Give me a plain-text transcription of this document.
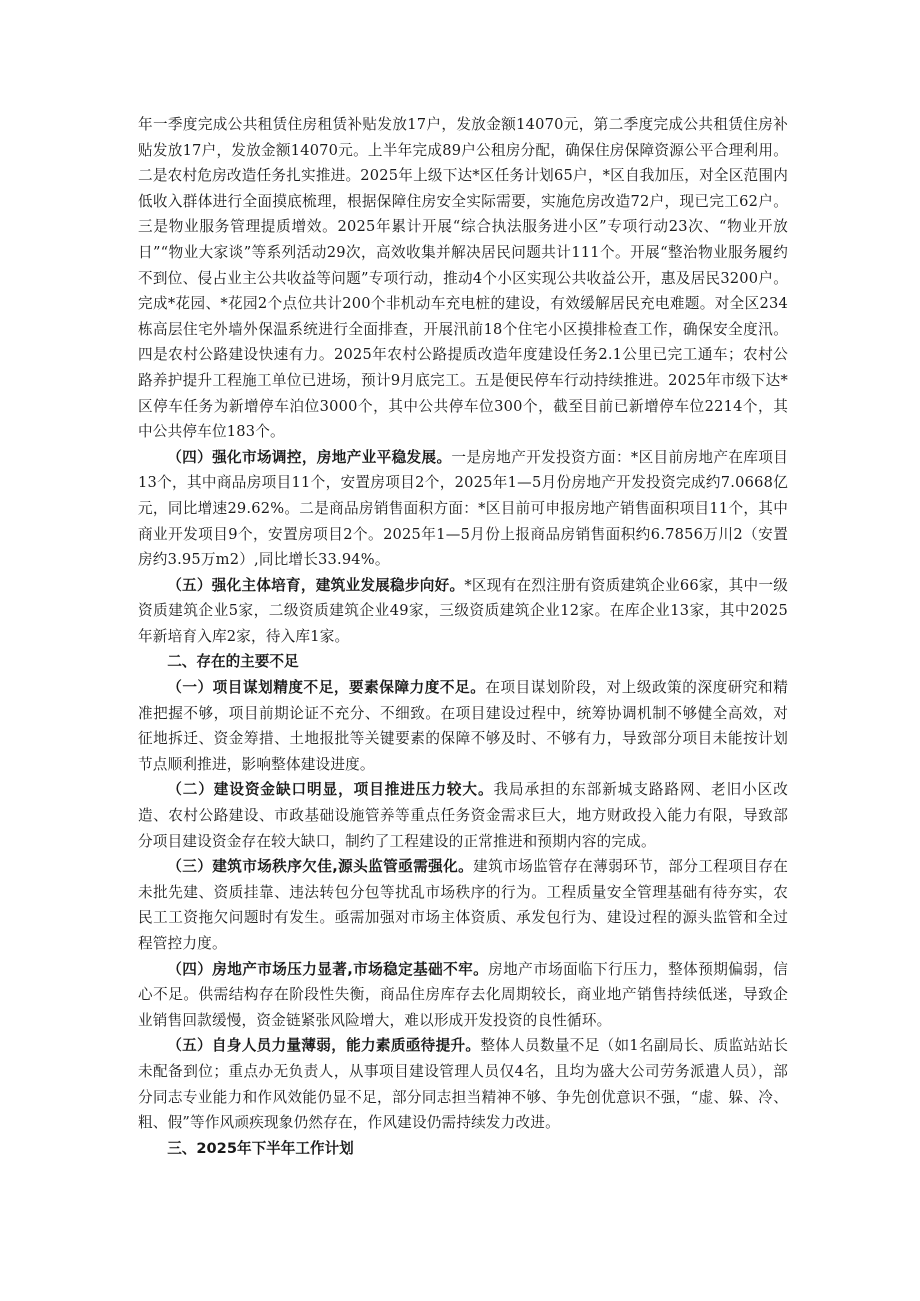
年一季度完成公共租赁住房租赁补贴发放17户，发放金额14070元，第二季度完成公共租赁住房补贴发放17户，发放金额14070元。上半年完成89户公租房分配，确保住房保障资源公平合理利用。二是农村危房改造任务扎实推进。2025年上级下达*区任务计划65户，*区自我加压，对全区范围内低收入群体进行全面摸底梳理，根据保障住房安全实际需要，实施危房改造72户，现已完工62户。三是物业服务管理提质增效。2025年累计开展“综合执法服务进小区”专项行动23次、“物业开放日”“物业大家谈”等系列活动29次，高效收集并解决居民问题共计111个。开展“整治物业服务履约不到位、侵占业主公共收益等问题”专项行动，推动4个小区实现公共收益公开，惠及居民3200户。完成*花园、*花园2个点位共计200个非机动车充电桩的建设，有效缓解居民充电难题。对全区234栋高层住宅外墙外保温系统进行全面排查，开展汛前18个住宅小区摸排检查工作，确保安全度汛。四是农村公路建设快速有力。2025年农村公路提质改造年度建设任务2.1公里已完工通车；农村公路养护提升工程施工单位已进场，预计9月底完工。五是便民停车行动持续推进。2025年市级下达*区停车任务为新增停车泊位3000个，其中公共停车位300个，截至目前已新增停车位2214个，其中公共停车位183个。

（四）强化市场调控，房地产业平稳发展。一是房地产开发投资方面：*区目前房地产在库项目13个，其中商品房项目11个，安置房项目2个，2025年1—5月份房地产开发投资完成约7.0668亿元，同比增速29.62%。二是商品房销售面积方面：*区目前可申报房地产销售面积项目11个，其中商业开发项目9个，安置房项目2个。2025年1—5月份上报商品房销售面积约6.7856万川2（安置房约3.95万m2）,同比增长33.94%。

（五）强化主体培育，建筑业发展稳步向好。*区现有在烈注册有资质建筑企业66家，其中一级资质建筑企业5家，二级资质建筑企业49家，三级资质建筑企业12家。在库企业13家，其中2025年新培育入库2家，待入库1家。

二、存在的主要不足

（一）项目谋划精度不足，要素保障力度不足。在项目谋划阶段，对上级政策的深度研究和精准把握不够，项目前期论证不充分、不细致。在项目建设过程中，统筹协调机制不够健全高效，对征地拆迁、资金筹措、土地报批等关键要素的保障不够及时、不够有力，导致部分项目未能按计划节点顺利推进，影响整体建设进度。

（二）建设资金缺口明显，项目推进压力较大。我局承担的东部新城支路路网、老旧小区改造、农村公路建设、市政基础设施管养等重点任务资金需求巨大，地方财政投入能力有限，导致部分项目建设资金存在较大缺口，制约了工程建设的正常推进和预期内容的完成。

（三）建筑市场秩序欠佳,源头监管亟需强化。建筑市场监管存在薄弱环节，部分工程项目存在未批先建、资质挂靠、违法转包分包等扰乱市场秩序的行为。工程质量安全管理基础有待夯实，农民工工资拖欠问题时有发生。亟需加强对市场主体资质、承发包行为、建设过程的源头监管和全过程管控力度。

（四）房地产市场压力显著,市场稳定基础不牢。房地产市场面临下行压力，整体预期偏弱，信心不足。供需结构存在阶段性失衡，商品住房库存去化周期较长，商业地产销售持续低迷，导致企业销售回款缓慢，资金链紧张风险增大，难以形成开发投资的良性循环。

（五）自身人员力量薄弱，能力素质亟待提升。整体人员数量不足（如1名副局长、质监站站长未配备到位；重点办无负责人，从事项目建设管理人员仅4名，且均为盛大公司劳务派遣人员），部分同志专业能力和作风效能仍显不足，部分同志担当精神不够、争先创优意识不强，“虚、躲、冷、粗、假”等作风顽疾现象仍然存在，作风建设仍需持续发力改进。

三、2025年下半年工作计划
